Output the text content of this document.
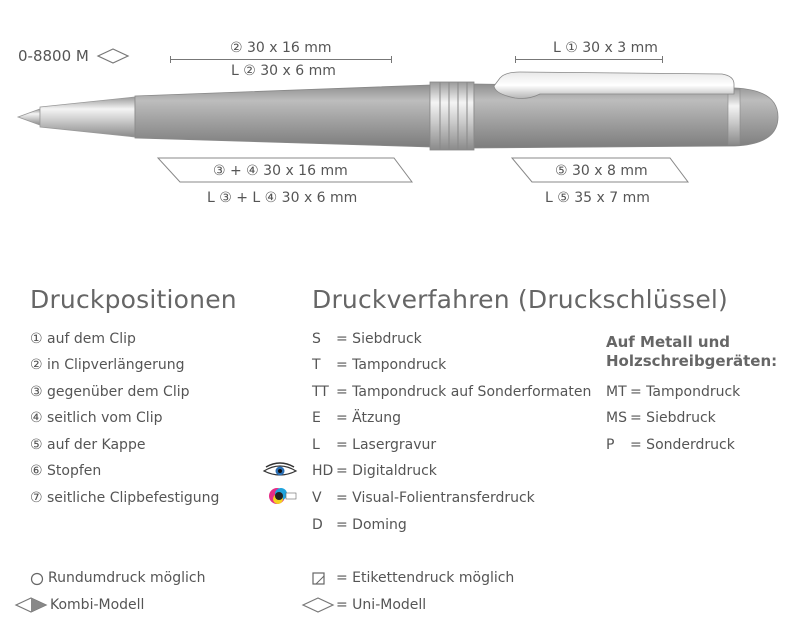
0-8800 M	② 30 x 16 mm
L ② 30 x 6 mm
L ① 30 x 3 mm
③ + ④ 30 x 16 mm
L ③ + L ④ 30 x 6 mm
⑤ 30 x 8 mm
L ⑤ 35 x 7 mm
Druckpositionen
① auf dem Clip
② in Clipverlängerung
③ gegenüber dem Clip
④ seitlich vom Clip
⑤ auf der Kappe
⑥ Stopfen
⑦ seitliche Clipbefestigung
Druckverfahren (Druckschlüssel)
S = Siebdruck
T = Tampondruck
TT = Tampondruck auf Sonderformaten
E = Ätzung
L = Lasergravur
HD = Digitaldruck
V = Visual-Folientransferdruck
D = Doming
Auf Metall und
Holzschreibgeräten:
MT = Tampondruck
MS = Siebdruck
P = Sonderdruck
Rundumdruck möglich	= Etikettendruck möglich
Kombi-Modell	= Uni-Modell
